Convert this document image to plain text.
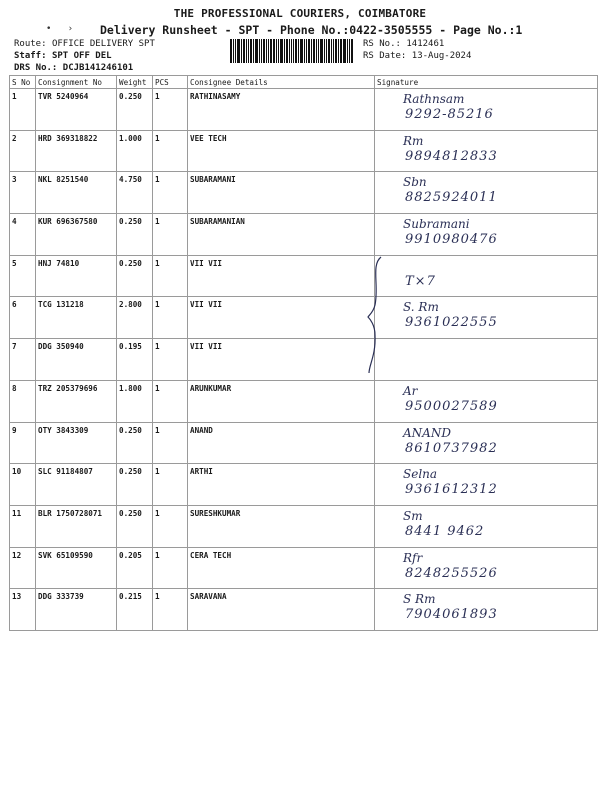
•   ›
THE PROFESSIONAL COURIERS, COIMBATORE
Delivery Runsheet - SPT - Phone No.:0422-3505555 - Page No.:1
Route: OFFICE DELIVERY SPT
Staff: SPT OFF DEL
DRS No.: DCJB141246101
RS No.: 1412461
RS Date: 13-Aug-2024
S No	Consignment No	Weight	PCS	Consignee Details	Signature
1	TVR 5240964	0.250	1	RATHINASAMY	Rathnsam
9292-85216

2	HRD 369318822	1.000	1	VEE TECH	Rm
9894812833

3	NKL 8251540	4.750	1	SUBARAMANI	Sbn
8825924011

4	KUR 696367580	0.250	1	SUBARAMANIAN	Subramani
9910980476

5	HNJ 74810	0.250	1	VII VII	T×7

6	TCG 131218	2.800	1	VII VII	S. Rm
9361022555

7	DDG 350940	0.195	1	VII VII	

8	TRZ 205379696	1.800	1	ARUNKUMAR	Ar
9500027589

9	OTY 3843309	0.250	1	ANAND	ANAND
8610737982

10	SLC 91184807	0.250	1	ARTHI	Selna
9361612312

11	BLR 1750728071	0.250	1	SURESHKUMAR	Sm
8441 9462

12	SVK 65109590	0.205	1	CERA TECH	Rfr
8248255526

13	DDG 333739	0.215	1	SARAVANA	S Rm
7904061893
